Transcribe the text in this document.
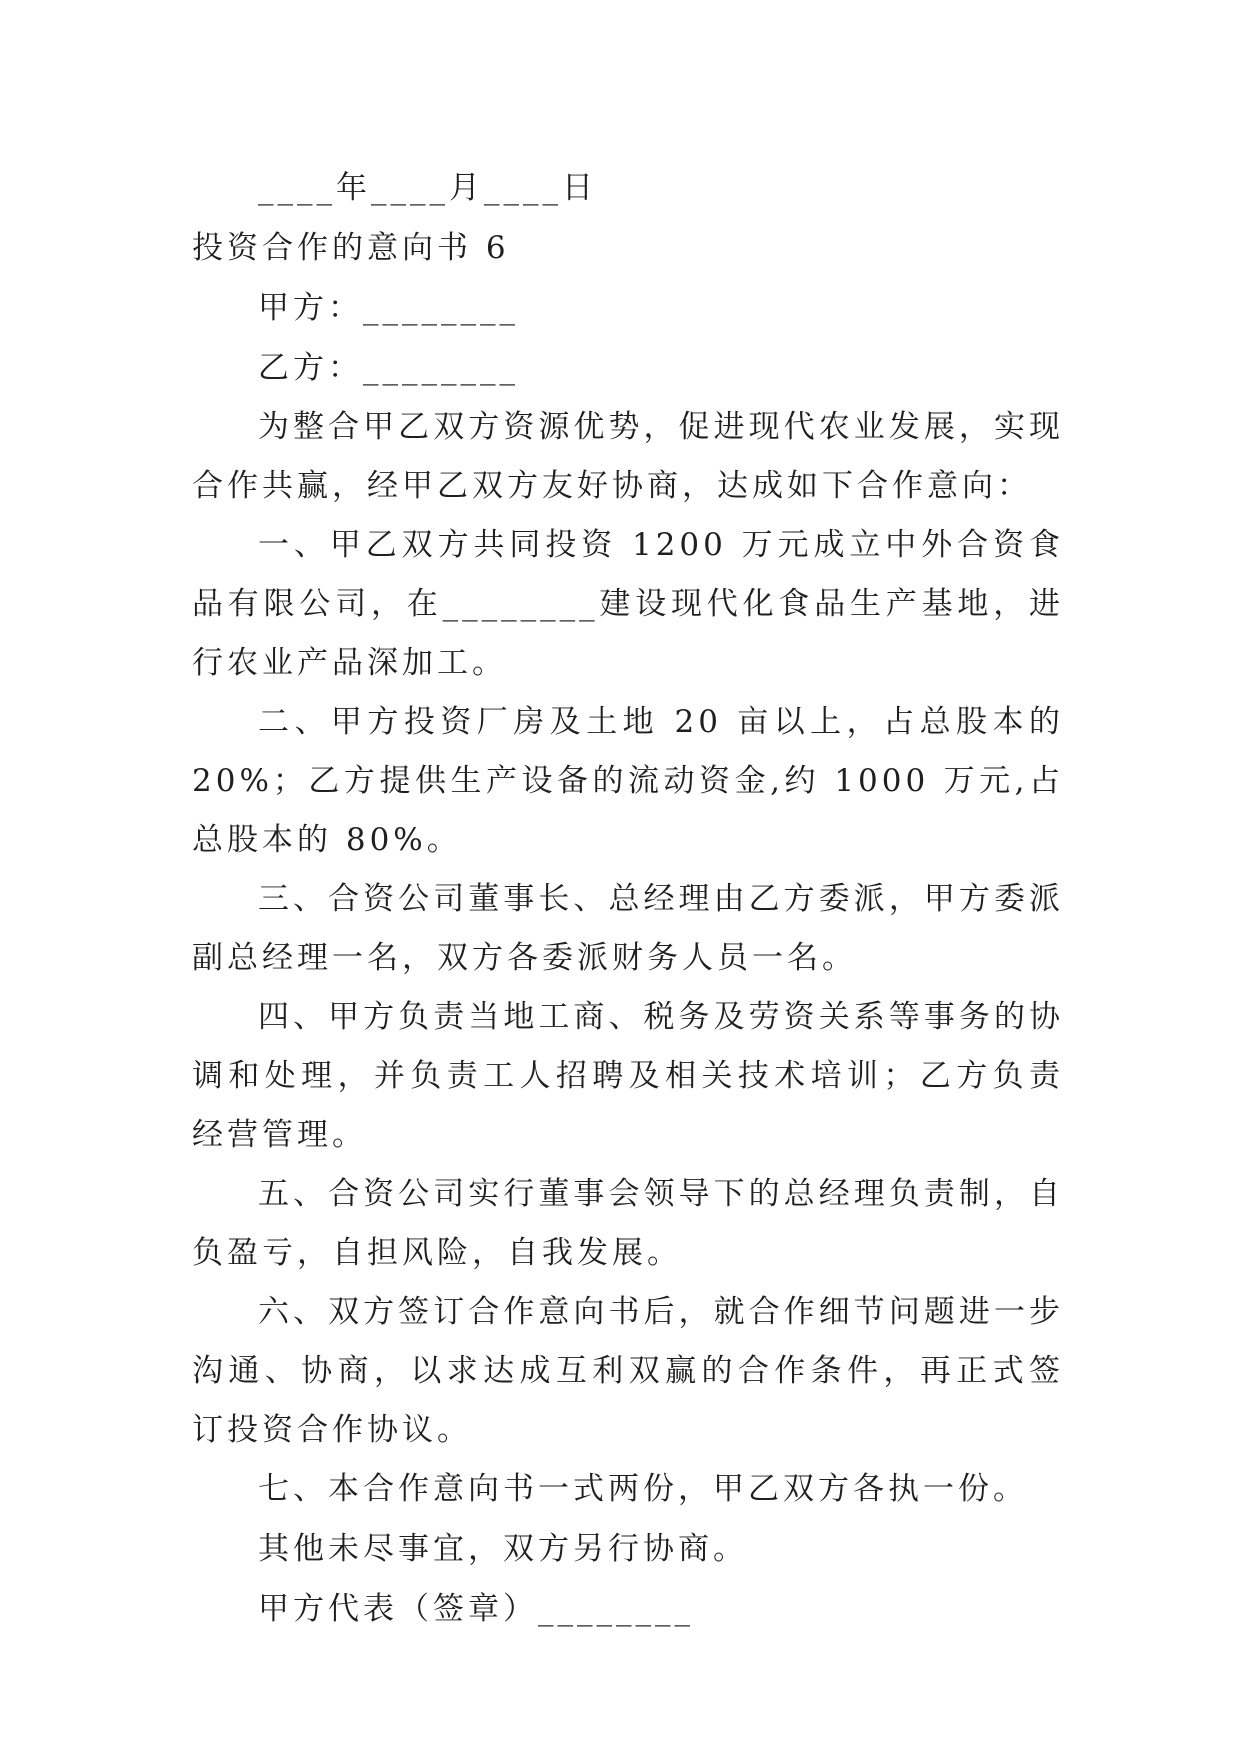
____年____月____日
投资合作的意向书 6
甲方：________
乙方：________

为整合甲乙双方资源优势，促进现代农业发展，实现合作共赢，经甲乙双方友好协商，达成如下合作意向：

一、甲乙双方共同投资 1200 万元成立中外合资食品有限公司，在________建设现代化食品生产基地，进行农业产品深加工。

二、甲方投资厂房及土地 20 亩以上，占总股本的 20%；乙方提供生产设备的流动资金,约 1000 万元,占总股本的 80%。

三、合资公司董事长、总经理由乙方委派，甲方委派副总经理一名，双方各委派财务人员一名。

四、甲方负责当地工商、税务及劳资关系等事务的协调和处理，并负责工人招聘及相关技术培训；乙方负责经营管理。

五、合资公司实行董事会领导下的总经理负责制，自负盈亏，自担风险，自我发展。

六、双方签订合作意向书后，就合作细节问题进一步沟通、协商，以求达成互利双赢的合作条件，再正式签订投资合作协议。

七、本合作意向书一式两份，甲乙双方各执一份。

其他未尽事宜，双方另行协商。
甲方代表（签章）________
